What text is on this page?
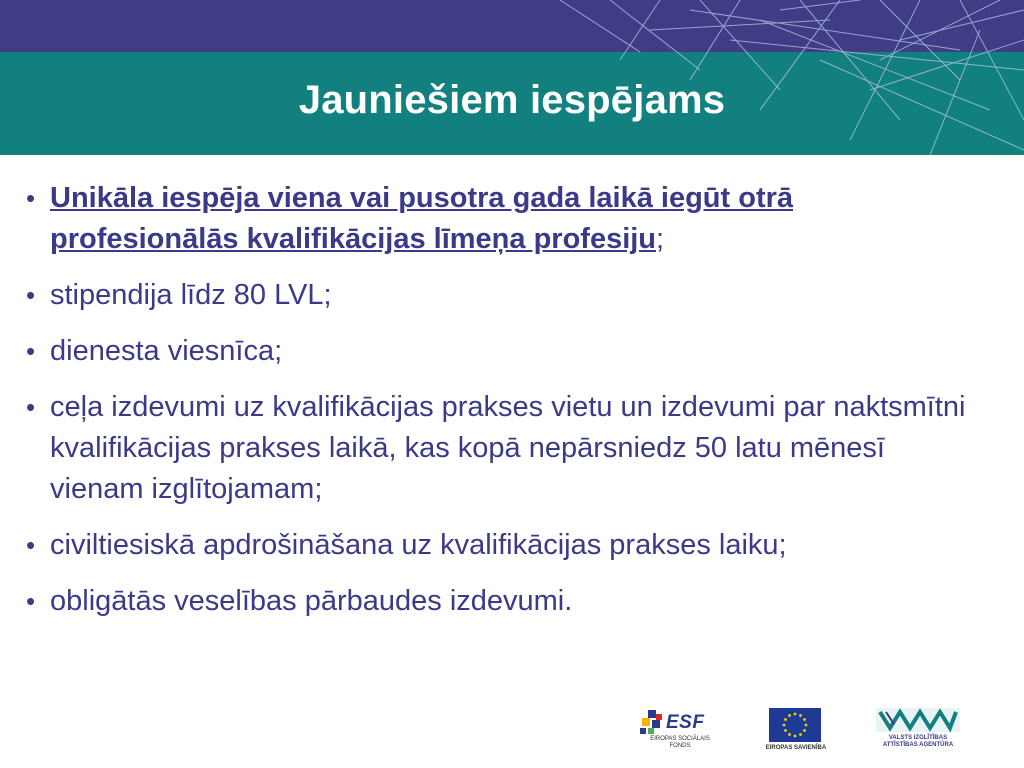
Jauniešiem iespējams
• Unikāla iespēja viena vai pusotra gada laikā iegūt otrā profesionālās kvalifikācijas līmeņa profesiju;
• stipendija līdz 80 LVL;
• dienesta viesnīca;
• ceļa izdevumi uz kvalifikācijas prakses vietu un izdevumi par naktsmītni kvalifikācijas prakses laikā, kas kopā nepārsniedz 50 latu mēnesī vienam izglītojamam;
• civiltiesiskā apdrošināšana uz kvalifikācijas prakses laiku;
• obligātās veselības pārbaudes izdevumi.
ESF
EIROPAS SOCIĀLAIS FONDS	EIROPAS SAVIENĪBA
VALSTS IZGLĪTĪBAS ATTĪSTĪBAS AĢENTŪRA
